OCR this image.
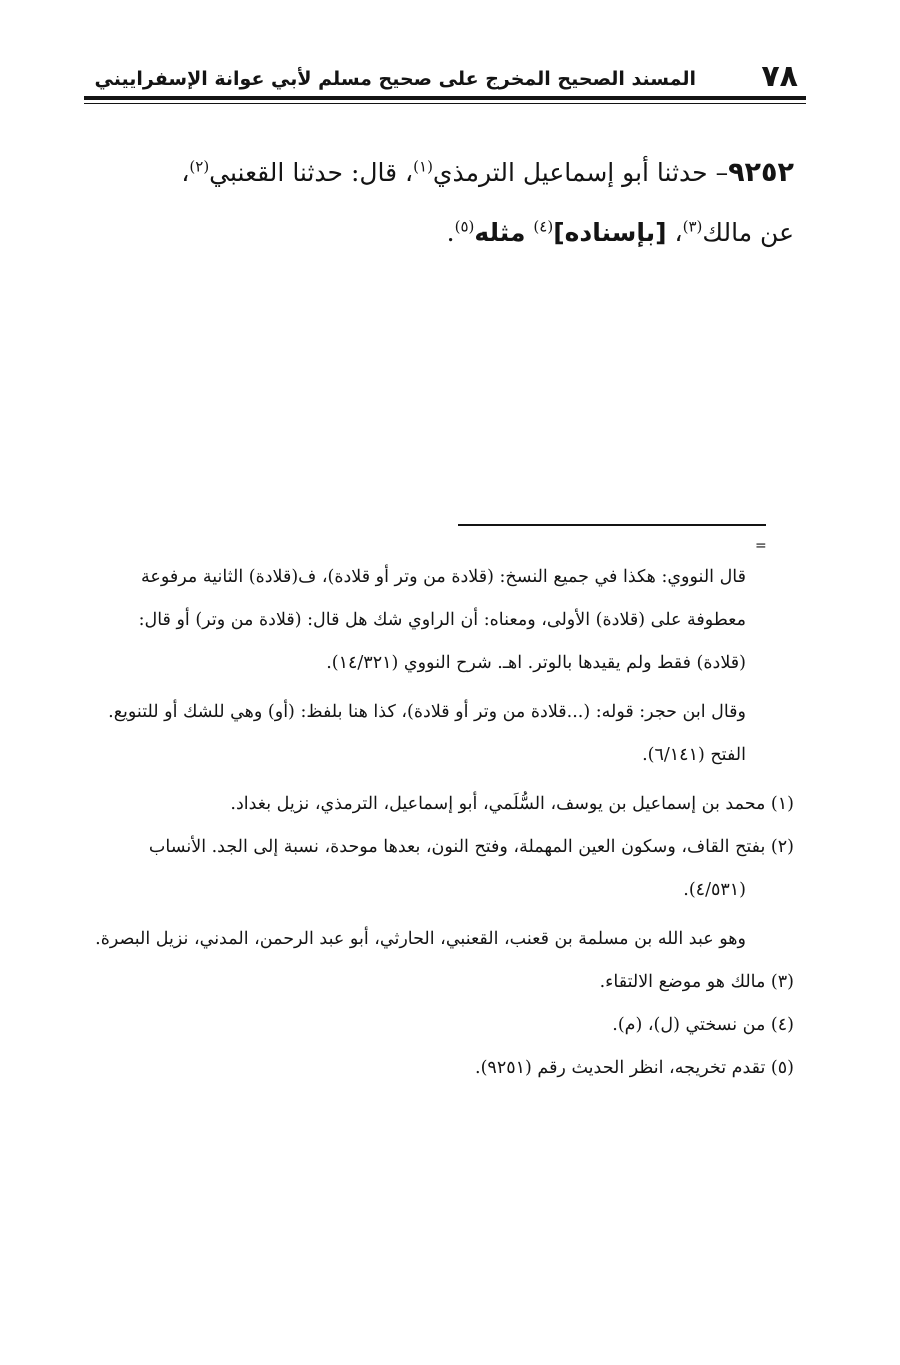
٧٨
المسند الصحيح المخرج على صحيح مسلم لأبي عوانة الإسفراييني

٩٢٥٢– حدثنا أبو إسماعيل الترمذي$^{(١)}$، قال: حدثنا القعنبي$^{(٢)}$،
عن مالك$^{(٣)}$، [بإسناده]$^{(٤)}$ مثله$^{(٥)}$.

=

قال النووي: هكذا في جميع النسخ: (قلادة من وتر أو قلادة)، ف(قلادة) الثانية مرفوعة معطوفة على (قلادة) الأولى، ومعناه: أن الراوي شك هل قال: (قلادة من وتر) أو قال: (قلادة) فقط ولم يقيدها بالوتر. اهـ. شرح النووي (١٤/٣٢١).

وقال ابن حجر: قوله: (...قلادة من وتر أو قلادة)، كذا هنا بلفظ: (أو) وهي للشك أو للتنويع. الفتح (٦/١٤١).

(١) محمد بن إسماعيل بن يوسف، السُّلَمي، أبو إسماعيل، الترمذي، نزيل بغداد.

(٢) بفتح القاف، وسكون العين المهملة، وفتح النون، بعدها موحدة، نسبة إلى الجد. الأنساب (٤/٥٣١).

وهو عبد الله بن مسلمة بن قعنب، القعنبي، الحارثي، أبو عبد الرحمن، المدني، نزيل البصرة.

(٣) مالك هو موضع الالتقاء.

(٤) من نسختي (ل)، (م).

(٥) تقدم تخريجه، انظر الحديث رقم (٩٢٥١).
